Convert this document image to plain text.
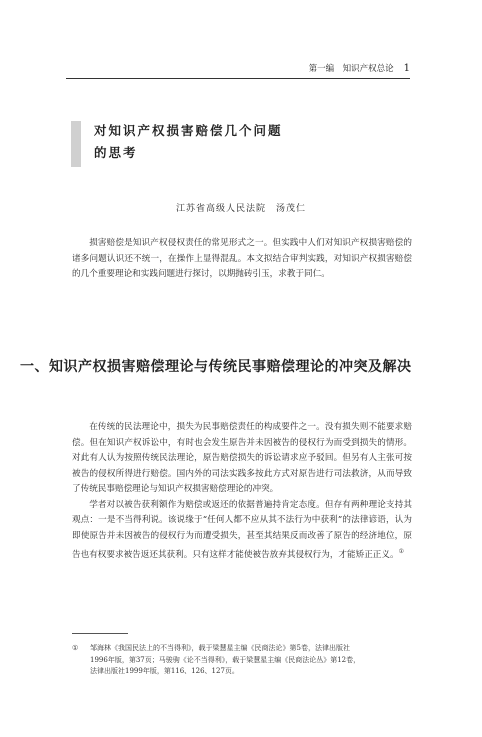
第一编　知识产权总论 1
对知识产权损害赔偿几个问题
的思考
江苏省高级人民法院　汤茂仁

损害赔偿是知识产权侵权责任的常见形式之一。但实践中人们对知识产权损害赔偿的诸多问题认识还不统一，在操作上显得混乱。本文拟结合审判实践，对知识产权损害赔偿的几个重要理论和实践问题进行探讨，以期抛砖引玉，求教于同仁。

一、知识产权损害赔偿理论与传统民事赔偿理论的冲突及解决

在传统的民法理论中，损失为民事赔偿责任的构成要件之一。没有损失则不能要求赔偿。但在知识产权诉讼中，有时也会发生原告并未因被告的侵权行为而受到损失的情形。对此有人认为按照传统民法理论，原告赔偿损失的诉讼请求应予驳回。但另有人主张可按被告的侵权所得进行赔偿。国内外的司法实践多按此方式对原告进行司法救济，从而导致了传统民事赔偿理论与知识产权损害赔偿理论的冲突。

学者对以被告获利额作为赔偿或返还的依据普遍持肯定态度。但存有两种理论支持其观点：一是不当得利说。该说缘于“任何人都不应从其不法行为中获利”的法律谚语，认为即使原告并未因被告的侵权行为而遭受损失，甚至其结果反而改善了原告的经济地位，原告也有权要求被告返还其获利。只有这样才能使被告放弃其侵权行为，才能矫正正义。①

① 邹海林《我国民法上的不当得利》，载于梁慧星主编《民商法论》第5卷，法律出版社

1996年版，第37页；马骏驹《论不当得利》，载于梁慧星主编《民商法论丛》第12卷，

法律出版社1999年版，第116、126、127页。
